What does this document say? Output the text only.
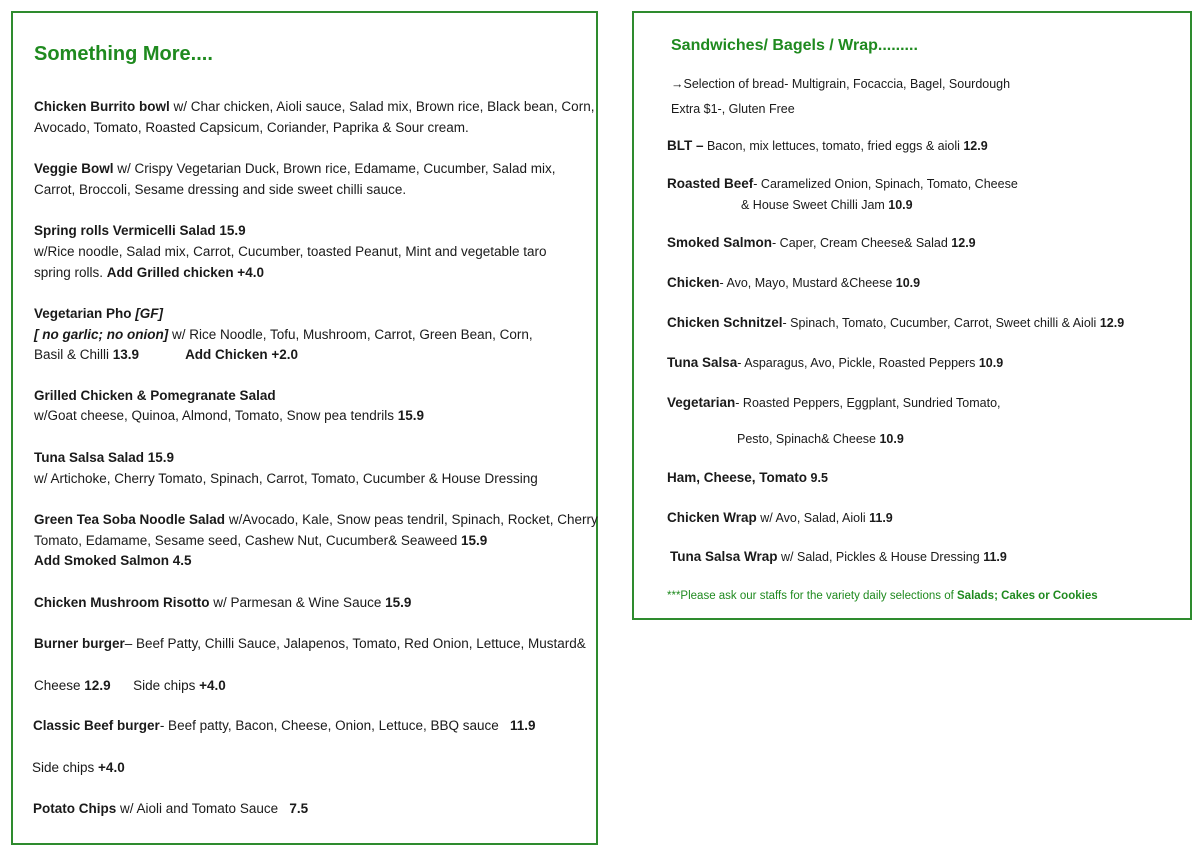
Something More....
Chicken Burrito bowl w/ Char chicken, Aioli sauce, Salad mix, Brown rice, Black bean, Corn,
Avocado, Tomato, Roasted Capsicum, Coriander, Paprika & Sour cream.
Veggie Bowl w/ Crispy Vegetarian Duck, Brown rice, Edamame, Cucumber, Salad mix,
Carrot, Broccoli, Sesame dressing and side sweet chilli sauce.
Spring rolls Vermicelli Salad 15.9
w/Rice noodle, Salad mix, Carrot, Cucumber, toasted Peanut, Mint and vegetable taro
spring rolls. Add Grilled chicken +4.0
Vegetarian Pho [GF]
[ no garlic; no onion] w/ Rice Noodle, Tofu, Mushroom, Carrot, Green Bean, Corn,
Basil & Chilli 13.9	Add Chicken +2.0
Grilled Chicken & Pomegranate Salad
w/Goat cheese, Quinoa, Almond, Tomato, Snow pea tendrils 15.9
Tuna Salsa Salad 15.9
w/ Artichoke, Cherry Tomato, Spinach, Carrot, Tomato, Cucumber & House Dressing
Green Tea Soba Noodle Salad w/Avocado, Kale, Snow peas tendril, Spinach, Rocket, Cherry
Tomato, Edamame, Sesame seed, Cashew Nut, Cucumber& Seaweed 15.9
Add Smoked Salmon 4.5
Chicken Mushroom Risotto w/ Parmesan & Wine Sauce 15.9
Burner burger– Beef Patty, Chilli Sauce, Jalapenos, Tomato, Red Onion, Lettuce, Mustard&
Cheese 12.9      Side chips +4.0
Classic Beef burger- Beef patty, Bacon, Cheese, Onion, Lettuce, BBQ sauce   11.9
Side chips +4.0
Potato Chips w/ Aioli and Tomato Sauce   7.5
Sandwiches/ Bagels / Wrap.........
→Selection of bread- Multigrain, Focaccia, Bagel, Sourdough
Extra $1-, Gluten Free
BLT – Bacon, mix lettuces, tomato, fried eggs & aioli 12.9
Roasted Beef- Caramelized Onion, Spinach, Tomato, Cheese
& House Sweet Chilli Jam 10.9
Smoked Salmon- Caper, Cream Cheese& Salad 12.9
Chicken- Avo, Mayo, Mustard &Cheese 10.9
Chicken Schnitzel- Spinach, Tomato, Cucumber, Carrot, Sweet chilli & Aioli 12.9
Tuna Salsa- Asparagus, Avo, Pickle, Roasted Peppers 10.9
Vegetarian- Roasted Peppers, Eggplant, Sundried Tomato,
Pesto, Spinach& Cheese 10.9
Ham, Cheese, Tomato 9.5
Chicken Wrap w/ Avo, Salad, Aioli 11.9
Tuna Salsa Wrap w/ Salad, Pickles & House Dressing 11.9
***Please ask our staffs for the variety daily selections of Salads; Cakes or Cookies
